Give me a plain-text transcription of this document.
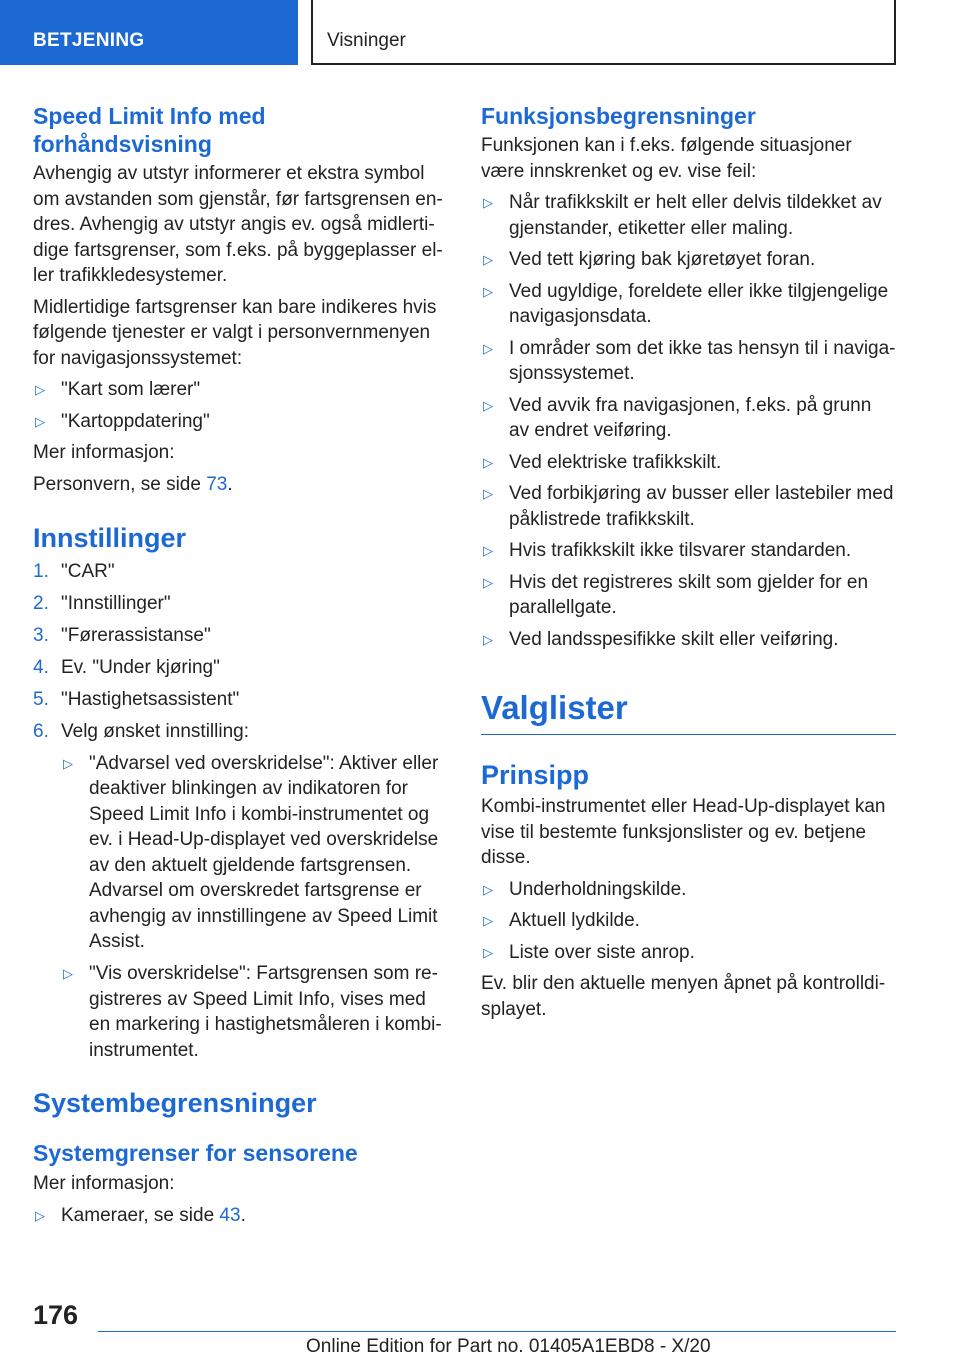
BETJENING	Visninger
Speed Limit Info med forhåndsvisning

Avhengig av utstyr informerer et ekstra symbol om avstanden som gjenstår, før fartsgrensen en-dres. Avhengig av utstyr angis ev. også midlerti-dige fartsgrenser, som f.eks. på byggeplasser el-ler trafikkledesystemer.

Midlertidige fartsgrenser kan bare indikeres hvis følgende tjenester er valgt i personvernmenyen for navigasjonssystemet:

▷ "Kart som lærer"
▷ "Kartoppdatering"

Mer informasjon:

Personvern, se side 73.

Innstillinger
1. "CAR"
2. "Innstillinger"
3. "Førerassistanse"
4. Ev. "Under kjøring"
5. "Hastighetsassistent"
6. Velg ønsket innstilling:
▷ "Advarsel ved overskridelse": Aktiver eller deaktiver blinkingen av indikatoren for Speed Limit Info i kombi-instrumentet og ev. i Head-Up-displayet ved overskridelse av den aktuelt gjeldende fartsgrensen. Advarsel om overskredet fartsgrense er avhengig av innstillingene av Speed Limit Assist.
▷ "Vis overskridelse": Fartsgrensen som re-gistreres av Speed Limit Info, vises med en markering i hastighetsmåleren i kombi-instrumentet.
Systembegrensninger
Systemgrenser for sensorene

Mer informasjon:

▷ Kameraer, se side 43.
Funksjonsbegrensninger

Funksjonen kan i f.eks. følgende situasjoner være innskrenket og ev. vise feil:

▷ Når trafikkskilt er helt eller delvis tildekket av gjenstander, etiketter eller maling.
▷ Ved tett kjøring bak kjøretøyet foran.
▷ Ved ugyldige, foreldete eller ikke tilgjengelige navigasjonsdata.
▷ I områder som det ikke tas hensyn til i naviga-sjonssystemet.
▷ Ved avvik fra navigasjonen, f.eks. på grunn av endret veiføring.
▷ Ved elektriske trafikkskilt.
▷ Ved forbikjøring av busser eller lastebiler med påklistrede trafikkskilt.
▷ Hvis trafikkskilt ikke tilsvarer standarden.
▷ Hvis det registreres skilt som gjelder for en parallellgate.
▷ Ved landsspesifikke skilt eller veiføring.
Valglister
Prinsipp

Kombi-instrumentet eller Head-Up-displayet kan vise til bestemte funksjonslister og ev. betjene disse.

▷ Underholdningskilde.
▷ Aktuell lydkilde.
▷ Liste over siste anrop.

Ev. blir den aktuelle menyen åpnet på kontrolldi-splayet.

176
Online Edition for Part no. 01405A1EBD8 - X/20
